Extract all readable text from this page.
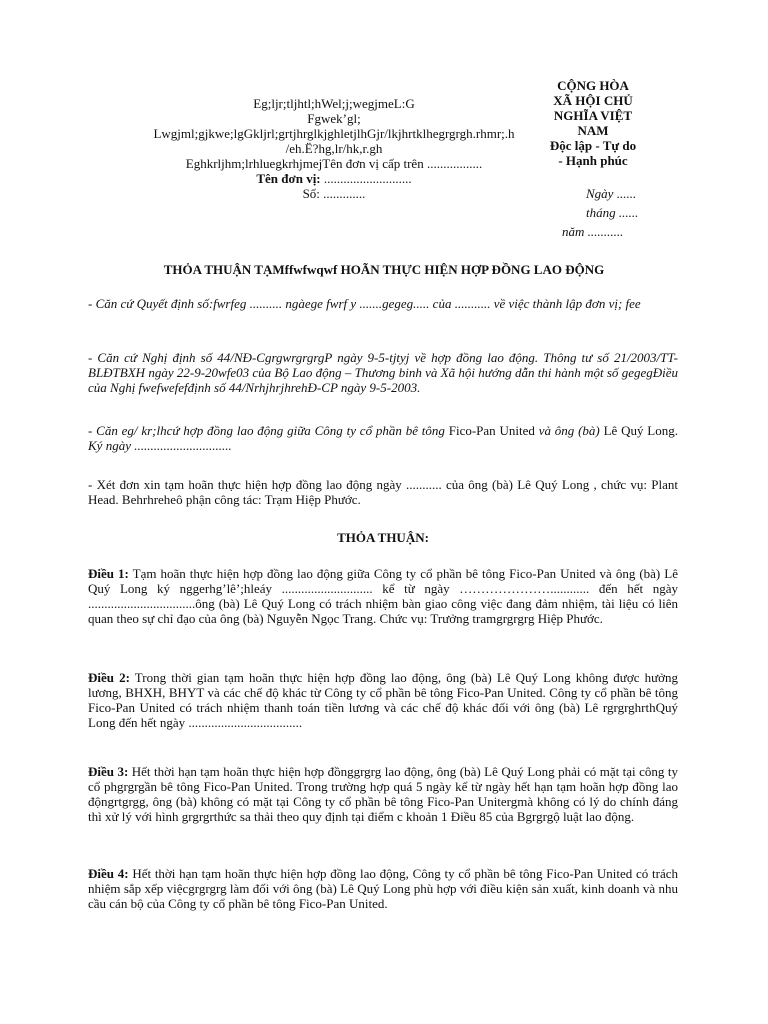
Eg;ljr;tljhtl;hWel;j;wegjmeL:G
Fgwek’gl;
Lwgjml;gjkwe;lgGkljrl;grtjhrglkjghletjlhGjr/lkjhrtklhegrgrgh.rhmr;.h
/eh.Ë?hg,lr/hk,r.gh
Eghkrljhm;lrhluegkrhjmejTên đơn vị cấp trên .................
Tên đơn vị: ...........................
Số: .............
CỘNG HÒA
XÃ HỘI CHỦ
NGHĨA VIỆT
NAM
Độc lập - Tự do
- Hạnh phúc
Ngày ......
tháng ......
năm ...........
THỎA THUẬN TẠMffwfwqwf HOÃN THỰC HIỆN HỢP ĐỒNG LAO ĐỘNG
- Căn cứ Quyết định số:fwrfeg .......... ngàege fwrf y .......gegeg..... của ........... về việc thành lập đơn vị; fee
- Căn cứ Nghị định số 44/NĐ-CgrgwrgrgrgP ngày 9-5-tjtyj về hợp đồng lao động. Thông tư số 21/2003/TT-BLĐTBXH ngày 22-9-20wfe03 của Bộ Lao động – Thương binh và Xã hội hướng dẫn thi hành một số gegegĐiều của Nghị fwefwefefđịnh số 44/NrhjhrjhrehĐ-CP ngày 9-5-2003.
- Căn eg/ kr;lhcứ hợp đồng lao động giữa Công ty cổ phần bê tông Fico-Pan United và ông (bà) Lê Quý Long. Ký ngày ..............................
- Xét đơn xin tạm hoãn thực hiện hợp đồng lao động ngày ........... của ông (bà) Lê Quý Long , chức vụ: Plant Head. Behrhreheô phận công tác: Trạm Hiệp Phước.
THỎA THUẬN:
Điều 1: Tạm hoãn thực hiện hợp đồng lao động giữa Công ty cổ phần bê tông Fico-Pan United và ông (bà) Lê Quý Long ký nggerhg’lê’;hleáy ............................ kể từ ngày …………………............ đến hết ngày .................................ông (bà) Lê Quý Long có trách nhiệm bàn giao công việc đang đảm nhiệm, tài liệu có liên quan theo sự chỉ đạo của ông (bà) Nguyễn Ngọc Trang. Chức vụ: Trưởng tramgrgrgrg Hiệp Phước.
Điều 2: Trong thời gian tạm hoãn thực hiện hợp đồng lao động, ông (bà) Lê Quý Long không được hưởng lương, BHXH, BHYT và các chế độ khác từ Công ty cổ phần bê tông Fico-Pan United. Công ty cổ phần bê tông Fico-Pan United có trách nhiệm thanh toán tiền lương và các chế độ khác đối với ông (bà) Lê rgrgrghrthQuý Long đến hết ngày ...................................
Điều 3: Hết thời hạn tạm hoãn thực hiện hợp đồnggrgrg lao động, ông (bà) Lê Quý Long phải có mặt tại công ty cổ phgrgrgần bê tông Fico-Pan United. Trong trường hợp quá 5 ngày kể từ ngày hết hạn tạm hoãn hợp đồng lao độngrtgrgg, ông (bà) không có mặt tại Công ty cổ phần bê tông Fico-Pan Unitergmà không có lý do chính đáng thì xử lý với hình grgrgrthức sa thải theo quy định tại điểm c khoản 1 Điều 85 của Bgrgrgộ luật lao động.
Điều 4: Hết thời hạn tạm hoãn thực hiện hợp đồng lao động, Công ty cổ phần bê tông Fico-Pan United có trách nhiệm sắp xếp việcgrgrgrg làm đối với ông (bà) Lê Quý Long phù hợp với điều kiện sản xuất, kinh doanh và nhu cầu cán bộ của Công ty cổ phần bê tông Fico-Pan United.
